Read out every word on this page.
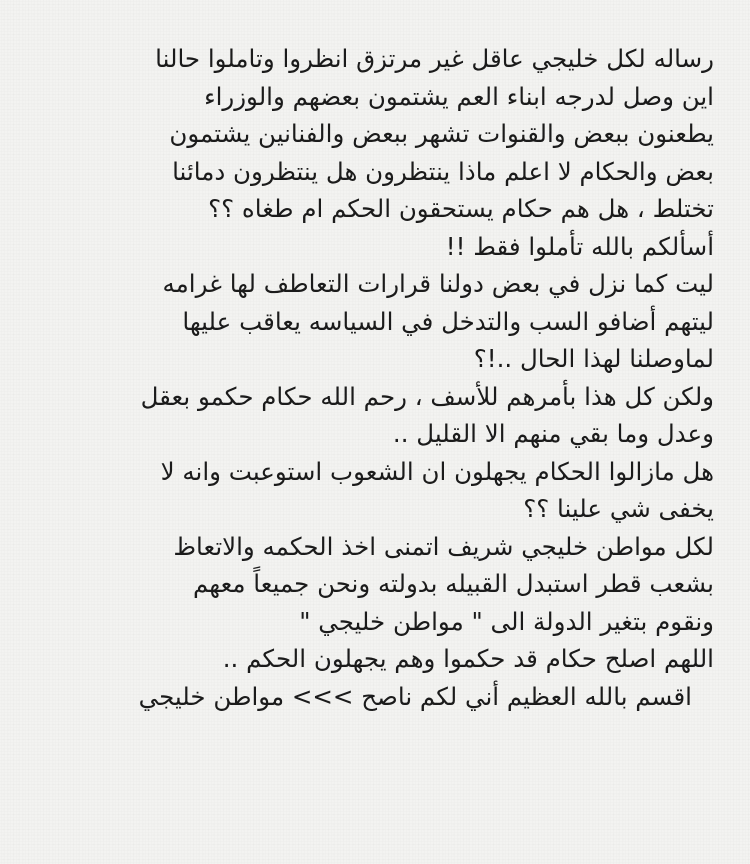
رساله لكل خليجي عاقل غير مرتزق انظروا وتاملوا حالنا
اين وصل لدرجه ابناء العم يشتمون بعضهم والوزراء
يطعنون ببعض والقنوات تشهر ببعض والفنانين يشتمون
بعض والحكام لا اعلم ماذا ينتظرون هل ينتظرون دمائنا
تختلط ، هل هم حكام يستحقون الحكم ام طغاه ؟؟
أسألكم بالله تأملوا فقط !!
ليت كما نزل في بعض دولنا قرارات التعاطف لها غرامه
ليتهم أضافو السب والتدخل في السياسه يعاقب عليها
لماوصلنا لهذا الحال ..!؟
ولكن كل هذا بأمرهم للأسف ، رحم الله حكام حكمو بعقل
وعدل وما بقي منهم الا القليل ..
هل مازالوا الحكام يجهلون ان الشعوب استوعبت وانه لا
يخفى شي علينا ؟؟
لكل مواطن خليجي شريف اتمنى اخذ الحكمه والاتعاظ
بشعب قطر استبدل القبيله بدولته ونحن جميعاً معهم
ونقوم بتغير الدولة الى " مواطن خليجي "
اللهم اصلح حكام قد حكموا وهم يجهلون الحكم ..
اقسم بالله العظيم أني لكم ناصح >>> مواطن خليجي
